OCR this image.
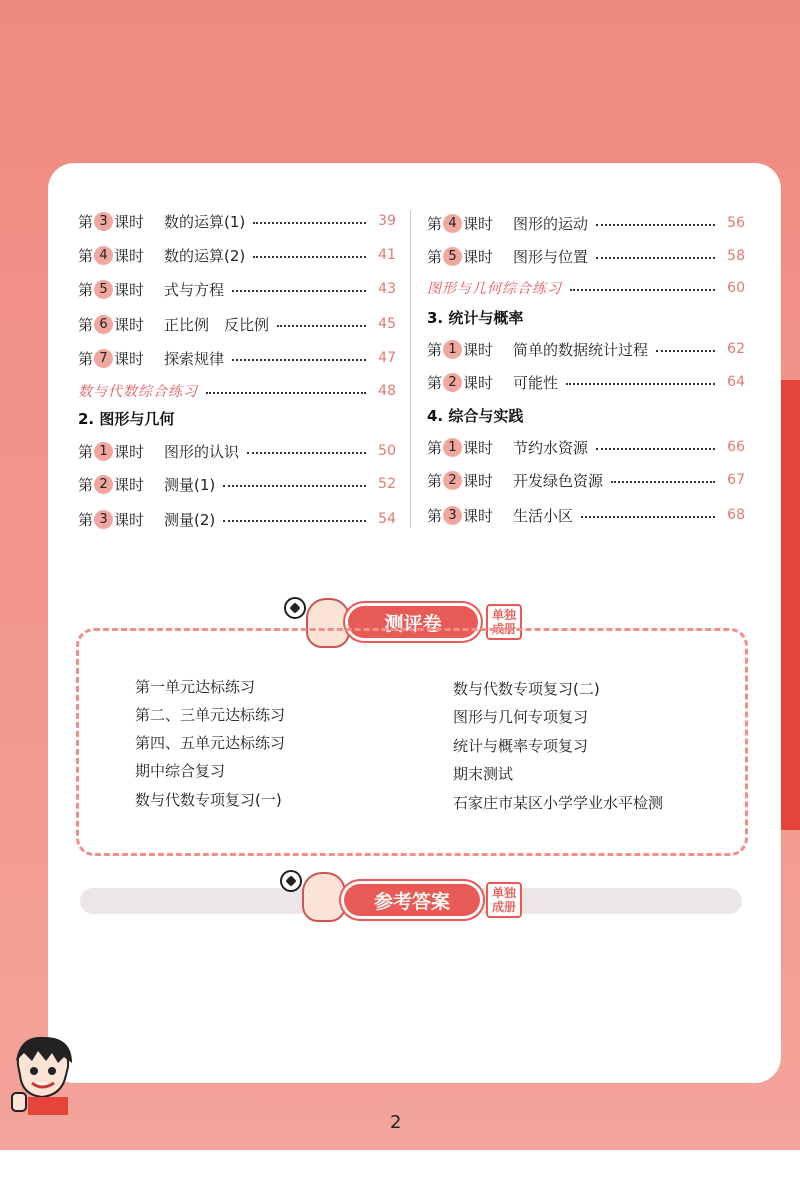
第 3 课时 数的运算(1)	39
第 4 课时 数的运算(2)	41
第 5 课时 式与方程	43
第 6 课时 正比例　反比例	45
第 7 课时 探索规律	47
数与代数综合练习	48
第 1 课时 图形的认识	50
第 2 课时 测量(1)	52
第 3 课时 测量(2)	54
第 4 课时 图形的运动	56
第 5 课时 图形与位置	58
图形与几何综合练习	60
第 1 课时 简单的数据统计过程	62
第 2 课时 可能性	64
第 1 课时 节约水资源	66
第 2 课时 开发绿色资源	67
第 3 课时 生活小区	68
2. 图形与几何
3. 统计与概率
4. 综合与实践
测评卷	单独
成册
第一单元达标练习
第二、三单元达标练习
第四、五单元达标练习
期中综合复习
数与代数专项复习(一)
数与代数专项复习(二)
图形与几何专项复习
统计与概率专项复习
期末测试
石家庄市某区小学学业水平检测
参考答案	单独
成册
2
